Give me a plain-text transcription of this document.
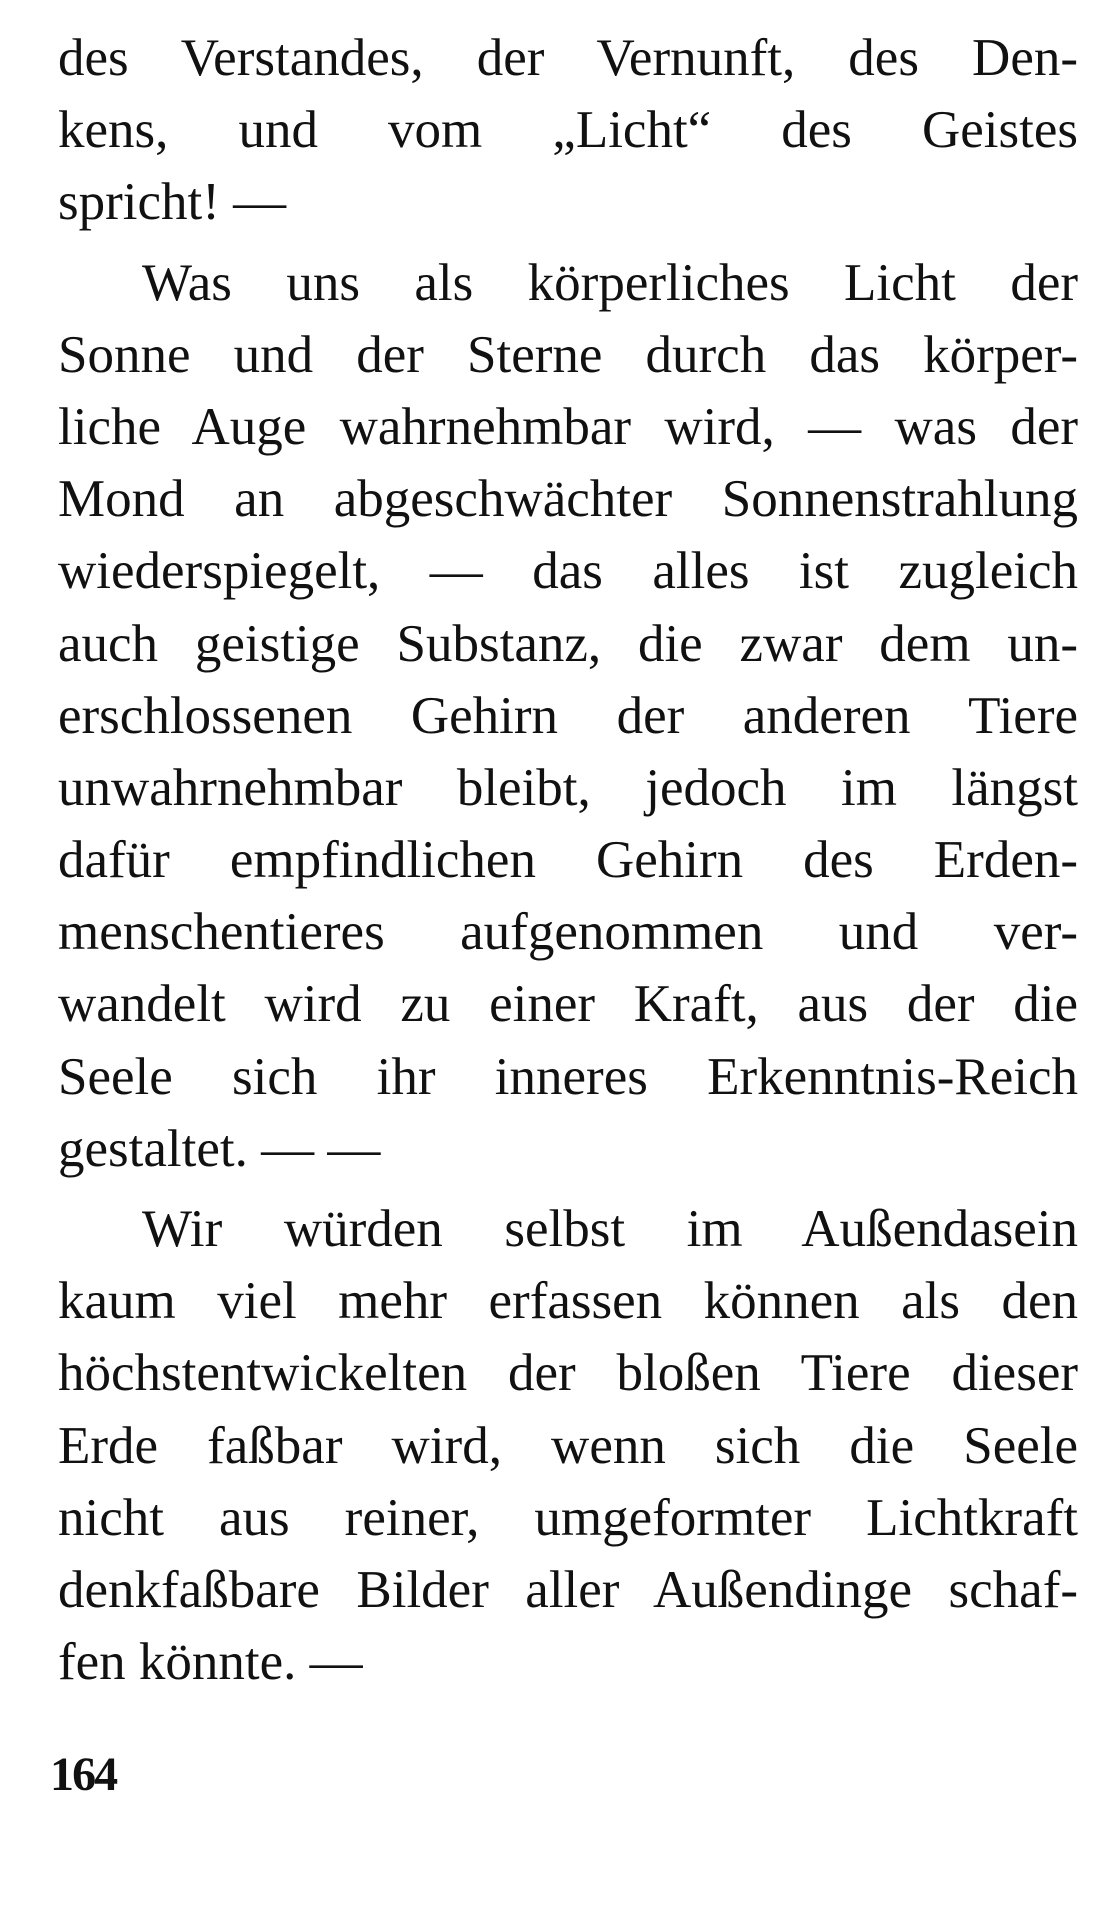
des Verstandes, der Vernunft, des Den-
kens, und vom „Licht“ des Geistes
spricht! —
Was uns als körperliches Licht der
Sonne und der Sterne durch das körper-
liche Auge wahrnehmbar wird, — was der
Mond an abgeschwächter Sonnenstrahlung
wiederspiegelt, — das alles ist zugleich
auch geistige Substanz, die zwar dem un-
erschlossenen Gehirn der anderen Tiere
unwahrnehmbar bleibt, jedoch im längst
dafür empfindlichen Gehirn des Erden-
menschentieres aufgenommen und ver-
wandelt wird zu einer Kraft, aus der die
Seele sich ihr inneres Erkenntnis-Reich
gestaltet. — —
Wir würden selbst im Außendasein
kaum viel mehr erfassen können als den
höchstentwickelten der bloßen Tiere dieser
Erde faßbar wird, wenn sich die Seele
nicht aus reiner, umgeformter Lichtkraft
denkfaßbare Bilder aller Außendinge schaf-
fen könnte. —
164
